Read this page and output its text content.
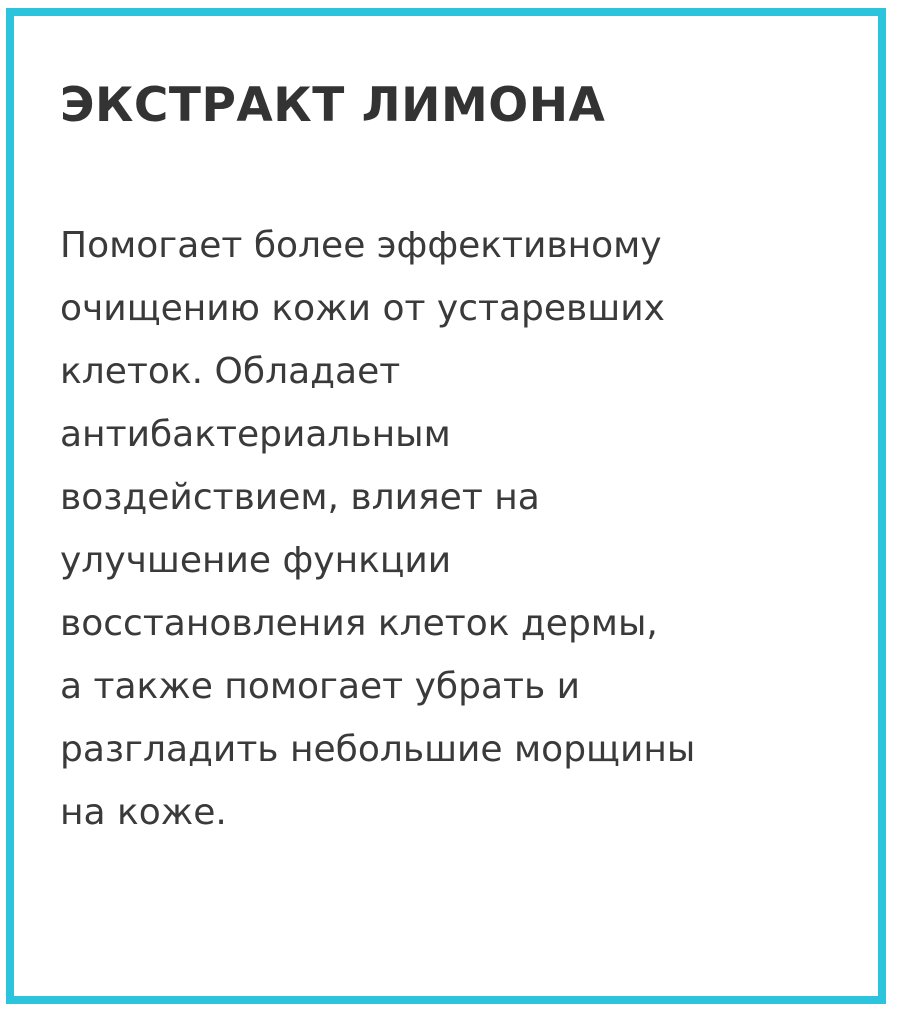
ЭКСТРАКТ ЛИМОНА

Помогает более эффективному
очищению кожи от устаревших
клеток. Обладает
антибактериальным
воздействием, влияет на
улучшение функции
восстановления клеток дермы,
а также помогает убрать и
разгладить небольшие морщины
на коже.
